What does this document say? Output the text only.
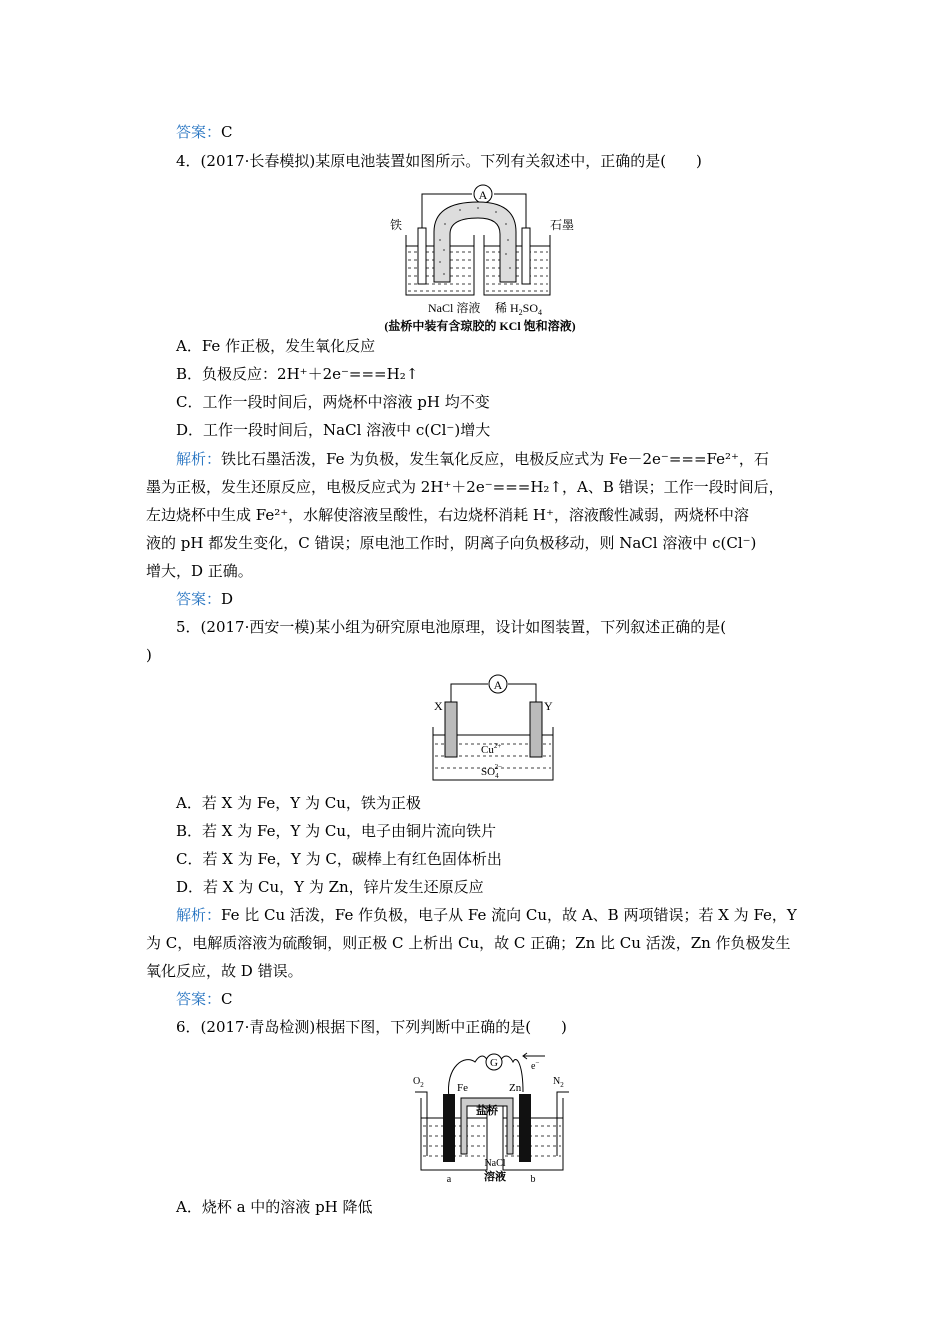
答案：C
4．(2017·长春模拟)某原电池装置如图所示。下列有关叙述中，正确的是(　　)
A
铁	石墨
NaCl 溶液 稀 $H_2SO_4$
(盐桥中装有含琼胶的 KCl 饱和溶液)
A．Fe 作正极，发生氧化反应
B．负极反应：2H⁺＋2e⁻===H₂↑
C．工作一段时间后，两烧杯中溶液 pH 均不变
D．工作一段时间后，NaCl 溶液中 c(Cl⁻)增大
解析：铁比石墨活泼，Fe 为负极，发生氧化反应，电极反应式为 Fe－2e⁻===Fe²⁺，石
墨为正极，发生还原反应，电极反应式为 2H⁺＋2e⁻===H₂↑，A、B 错误；工作一段时间后，
左边烧杯中生成 Fe²⁺，水解使溶液呈酸性，右边烧杯消耗 H⁺，溶液酸性减弱，两烧杯中溶
液的 pH 都发生变化，C 错误；原电池工作时，阴离子向负极移动，则 NaCl 溶液中 c(Cl⁻)
增大，D 正确。
答案：D
5．(2017·西安一模)某小组为研究原电池原理，设计如图装置，下列叙述正确的是(
)
A
X	Y
$Cu^{2+}$
$SO_42-$
A．若 X 为 Fe，Y 为 Cu，铁为正极
B．若 X 为 Fe，Y 为 Cu，电子由铜片流向铁片
C．若 X 为 Fe，Y 为 C，碳棒上有红色固体析出
D．若 X 为 Cu，Y 为 Zn，锌片发生还原反应
解析：Fe 比 Cu 活泼，Fe 作负极，电子从 Fe 流向 Cu，故 A、B 两项错误；若 X 为 Fe，Y
为 C，电解质溶液为硫酸铜，则正极 C 上析出 Cu，故 C 正确；Zn 比 Cu 活泼，Zn 作负极发生
氧化反应，故 D 错误。
答案：C
6．(2017·青岛检测)根据下图，下列判断中正确的是(　　)
G	e−
$O_2$	$N_2$
Fe	Zn
盐桥
NaCl
溶液
a	b
A．烧杯 a 中的溶液 pH 降低
